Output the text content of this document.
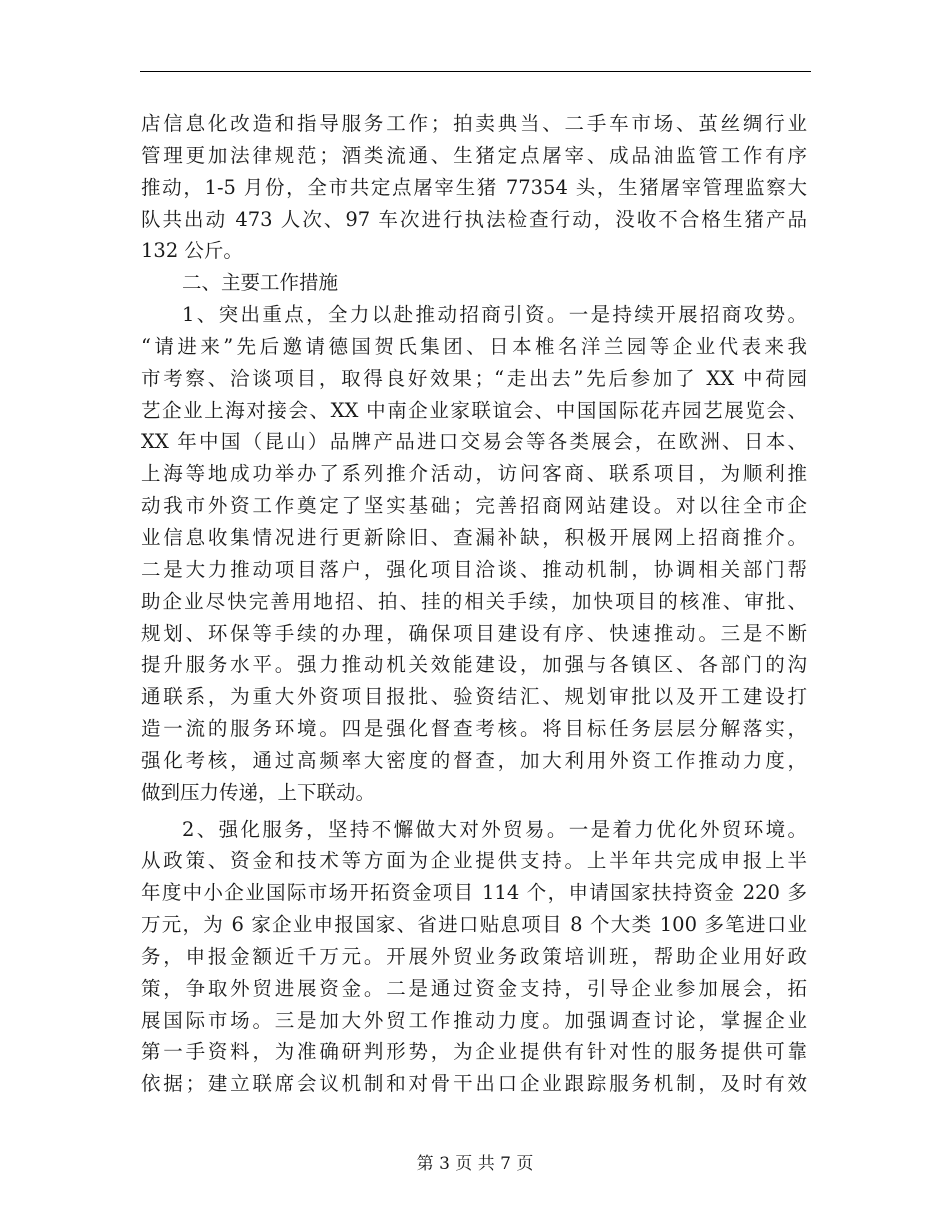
店信息化改造和指导服务工作；拍卖典当、二手车市场、茧丝绸行业
管理更加法律规范；酒类流通、生猪定点屠宰、成品油监管工作有序
推动，1-5 月份，全市共定点屠宰生猪 77354 头，生猪屠宰管理监察大
队共出动 473 人次、97 车次进行执法检查行动，没收不合格生猪产品
132 公斤。
二、主要工作措施
1、突出重点，全力以赴推动招商引资。一是持续开展招商攻势。
“请进来”先后邀请德国贺氏集团、日本椎名洋兰园等企业代表来我
市考察、洽谈项目，取得良好效果；“走出去”先后参加了 XX 中荷园
艺企业上海对接会、XX 中南企业家联谊会、中国国际花卉园艺展览会、
XX 年中国（昆山）品牌产品进口交易会等各类展会，在欧洲、日本、
上海等地成功举办了系列推介活动，访问客商、联系项目，为顺利推
动我市外资工作奠定了坚实基础；完善招商网站建设。对以往全市企
业信息收集情况进行更新除旧、查漏补缺，积极开展网上招商推介。
二是大力推动项目落户，强化项目洽谈、推动机制，协调相关部门帮
助企业尽快完善用地招、拍、挂的相关手续，加快项目的核准、审批、
规划、环保等手续的办理，确保项目建设有序、快速推动。三是不断
提升服务水平。强力推动机关效能建设，加强与各镇区、各部门的沟
通联系，为重大外资项目报批、验资结汇、规划审批以及开工建设打
造一流的服务环境。四是强化督查考核。将目标任务层层分解落实，
强化考核，通过高频率大密度的督查，加大利用外资工作推动力度，
做到压力传递，上下联动。
2、强化服务，坚持不懈做大对外贸易。一是着力优化外贸环境。
从政策、资金和技术等方面为企业提供支持。上半年共完成申报上半
年度中小企业国际市场开拓资金项目 114 个，申请国家扶持资金 220 多
万元，为 6 家企业申报国家、省进口贴息项目 8 个大类 100 多笔进口业
务，申报金额近千万元。开展外贸业务政策培训班，帮助企业用好政
策，争取外贸进展资金。二是通过资金支持，引导企业参加展会，拓
展国际市场。三是加大外贸工作推动力度。加强调查讨论，掌握企业
第一手资料，为准确研判形势，为企业提供有针对性的服务提供可靠
依据；建立联席会议机制和对骨干出口企业跟踪服务机制，及时有效
第 3 页 共 7 页
